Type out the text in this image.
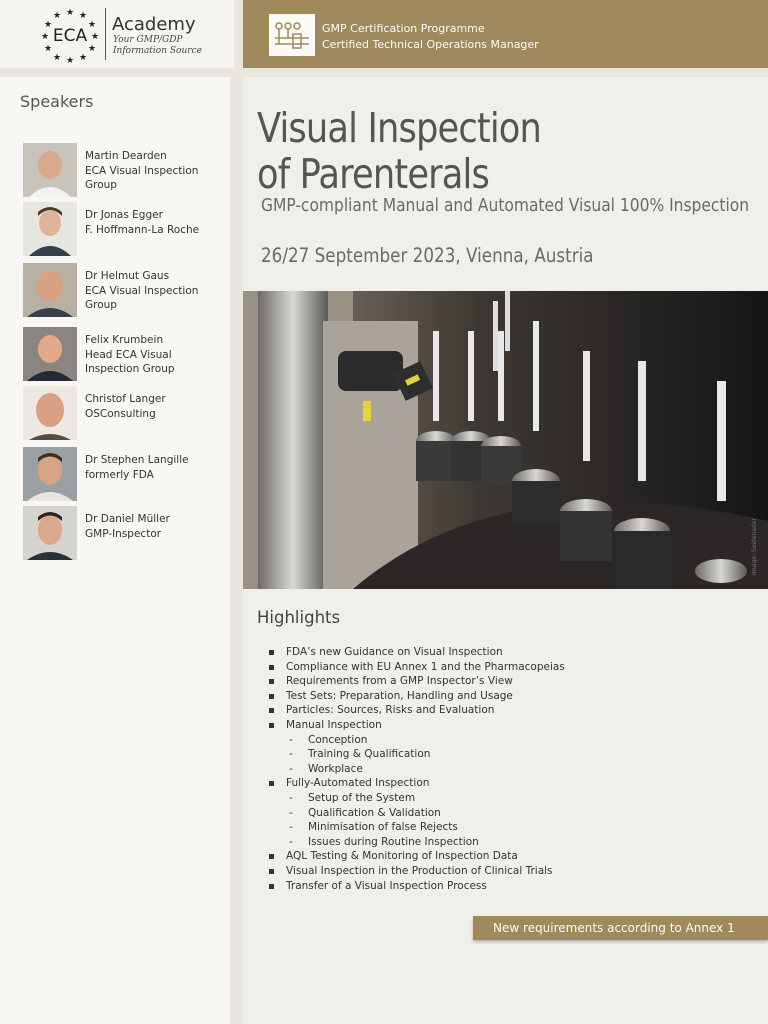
★ ★
★
★
★
★
★
★
★
★
★
★
ECA
Academy
Your GMP/GDP
Information Source
GMP Certification Programme
Certified Technical Operations Manager
Speakers
Martin Dearden
ECA Visual Inspection
Group
Dr Jonas Egger
F. Hoffmann-La Roche
Dr Helmut Gaus
ECA Visual Inspection
Group
Felix Krumbein
Head ECA Visual
Inspection Group
Christof Langer
OSConsulting
Dr Stephen Langille
formerly FDA
Dr Daniel Müller
GMP-Inspector
Visual Inspection
of Parenterals
GMP-compliant Manual and Automated Visual 100% Inspection
26/27 September 2023, Vienna, Austria
Image: Seidenader
Highlights
FDA’s new Guidance on Visual Inspection
Compliance with EU Annex 1 and the Pharmacopeias
Requirements from a GMP Inspector’s View
Test Sets: Preparation, Handling and Usage
Particles: Sources, Risks and Evaluation
Manual Inspection
- Conception
- Training & Qualification
- Workplace
Fully-Automated Inspection
- Setup of the System
- Qualification & Validation
- Minimisation of false Rejects
- Issues during Routine Inspection
AQL Testing & Monitoring of Inspection Data
Visual Inspection in the Production of Clinical Trials
Transfer of a Visual Inspection Process
New requirements according to Annex 1
